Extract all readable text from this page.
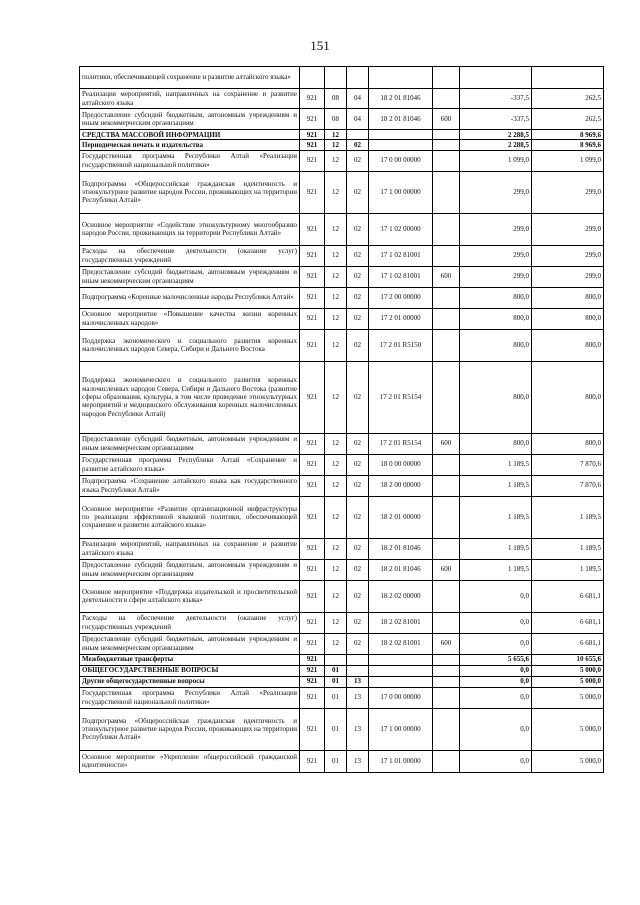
151
политики, обеспечивающей сохранение и развитие алтайского языка»							
Реализация мероприятий, направленных на сохранение и развитие алтайского языка	921	08	04	18 2 01 81046		-337,5	262,5
Предоставление субсидий бюджетным, автономным учреждениям и иным некоммерческим организациям	921	08	04	18 2 01 81046	600	-337,5	262,5
СРЕДСТВА МАССОВОЙ ИНФОРМАЦИИ	921	12				2 288,5	8 969,6
Периодическая печать и издательства	921	12	02			2 288,5	8 969,6
Государственная программа Республики Алтай «Реализация государственной национальной политики»	921	12	02	17 0 00 00000		1 099,0	1 099,0
Подпрограмма «Общероссийская гражданская идентичность и этнокультурное развитие народов России, проживающих на территории Республики Алтай»	921	12	02	17 1 00 00000		299,0	299,0
Основное мероприятие «Содействие этнокультурному многообразию народов России, проживающих на территории Республики Алтай»	921	12	02	17 1 02 00000		299,0	299,0
Расходы на обеспечение деятельности (оказание услуг) государственных учреждений	921	12	02	17 1 02 81001		299,0	299,0
Предоставление субсидий бюджетным, автономным учреждениям и иным некоммерческим организациям	921	12	02	17 1 02 81001	600	299,0	299,0
Подпрограмма «Коренные малочисленные народы Республики Алтай»	921	12	02	17 2 00 00000		800,0	800,0
Основное мероприятие «Повышение качества жизни коренных малочисленных народов»	921	12	02	17 2 01 00000		800,0	800,0
Поддержка экономического и социального развития коренных малочисленных народов Севера, Сибири и Дальнего Востока	921	12	02	17 2 01 R5150		800,0	800,0
Поддержка экономического и социального развития коренных малочисленных народов Севера, Сибири и Дальнего Востока (развитие сферы образования, культуры, в том числе проведение этнокультурных мероприятий и медицинского обслуживания коренных малочисленных народов Республики Алтай)	921	12	02	17 2 01 R5154		800,0	800,0
Предоставление субсидий бюджетным, автономным учреждениям и иным некоммерческим организациям	921	12	02	17 2 01 R5154	600	800,0	800,0
Государственная программа Республики Алтай «Сохранение и развитие алтайского языка»	921	12	02	18 0 00 00000		1 189,5	7 870,6
Подпрограмма «Сохранение алтайского языка как государственного языка Республики Алтай»	921	12	02	18 2 00 00000		1 189,5	7 870,6
Основное мероприятие «Развитие организационной инфраструктуры по реализации эффективной языковой политики, обеспечивающей сохранение и развитие алтайского языка»	921	12	02	18 2 01 00000		1 189,5	1 189,5
Реализация мероприятий, направленных на сохранение и развитие алтайского языка	921	12	02	18 2 01 81046		1 189,5	1 189,5
Предоставление субсидий бюджетным, автономным учреждениям и иным некоммерческим организациям	921	12	02	18 2 01 81046	600	1 189,5	1 189,5
Основное мероприятие «Поддержка издательской и просветительской деятельности в сфере алтайского языка»	921	12	02	18 2 02 00000		0,0	6 681,1
Расходы на обеспечение деятельности (оказание услуг) государственных учреждений	921	12	02	18 2 02 81001		0,0	6 681,1
Предоставление субсидий бюджетным, автономным учреждениям и иным некоммерческим организациям	921	12	02	18 2 02 81001	600	0,0	6 681,1
Межбюджетные трансферты	921					5 655,6	10 655,6
ОБЩЕГОСУДАРСТВЕННЫЕ ВОПРОСЫ	921	01				0,0	5 000,0
Другие общегосударственные вопросы	921	01	13			0,0	5 000,0
Государственная программа Республики Алтай «Реализация государственной национальной политики»	921	01	13	17 0 00 00000		0,0	5 000,0
Подпрограмма «Общероссийская гражданская идентичность и этнокультурное развитие народов России, проживающих на территории Республики Алтай»	921	01	13	17 1 00 00000		0,0	5 000,0
Основное мероприятие «Укрепление общероссийской гражданской идентичности»	921	01	13	17 1 01 00000		0,0	5 000,0
